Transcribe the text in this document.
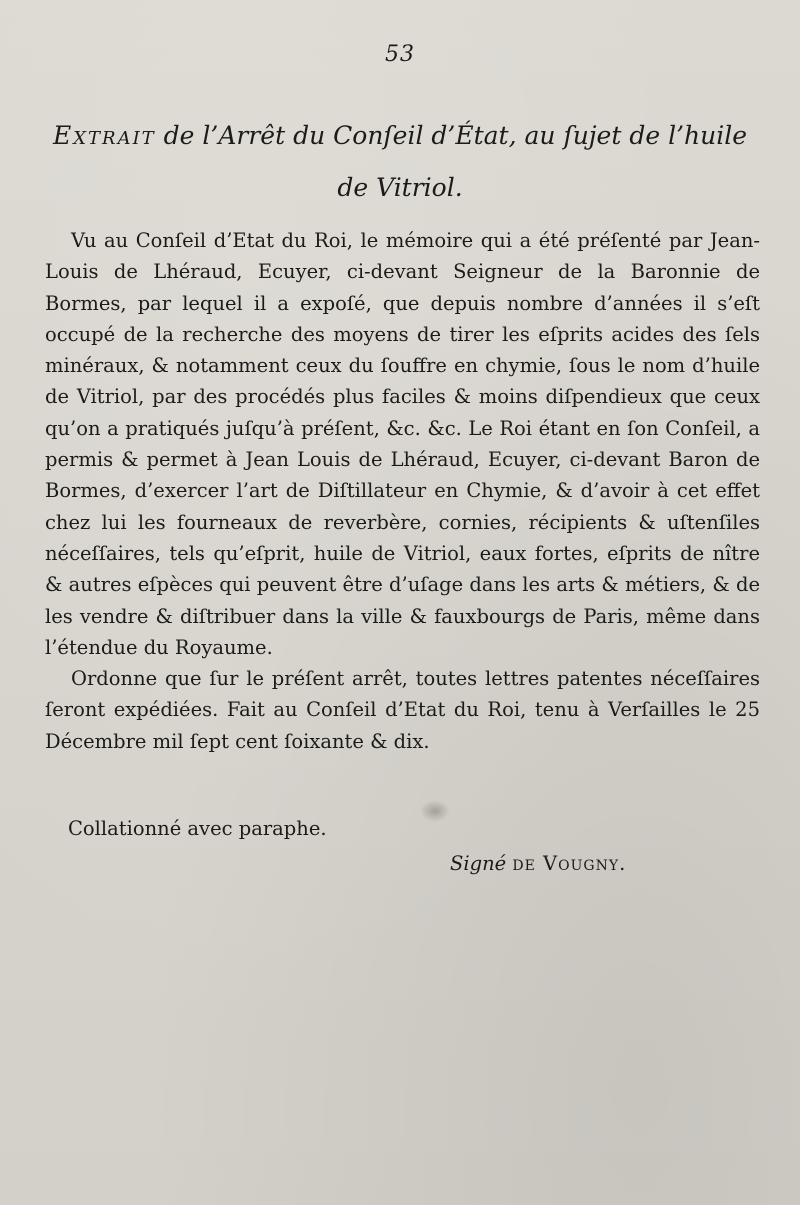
53
Extrait de l’Arrêt du Conſeil d’État, au ſujet de l’huile
de Vitriol.

Vu au Conſeil d’Etat du Roi, le mémoire qui a été préſenté par Jean-Louis de Lhéraud, Ecuyer, ci-devant Seigneur de la Baronnie de Bormes, par lequel il a expoſé, que depuis nombre d’années il s’eſt occupé de la recherche des moyens de tirer les eſprits acides des ſels minéraux, & notamment ceux du ſouffre en chymie, ſous le nom d’huile de Vitriol, par des procédés plus faciles & moins diſpendieux que ceux qu’on a pratiqués juſqu’à préſent, &c. &c. Le Roi étant en ſon Conſeil, a permis & permet à Jean Louis de Lhéraud, Ecuyer, ci-devant Baron de Bormes, d’exercer l’art de Diſtillateur en Chymie, & d’avoir à cet effet chez lui les fourneaux de reverbère, cornies, récipients & uſtenſiles néceſſaires, tels qu’eſprit, huile de Vitriol, eaux fortes, eſprits de nître & autres eſpèces qui peuvent être d’uſage dans les arts & métiers, & de les vendre & diſtribuer dans la ville & fauxbourgs de Paris, même dans l’étendue du Royaume.

Ordonne que ſur le préſent arrêt, toutes lettres patentes néceſſaires ſeront expédiées. Fait au Conſeil d’Etat du Roi, tenu à Verſailles le 25 Décembre mil ſept cent ſoixante & dix.

Collationné avec paraphe.
Signé de Vougny.
